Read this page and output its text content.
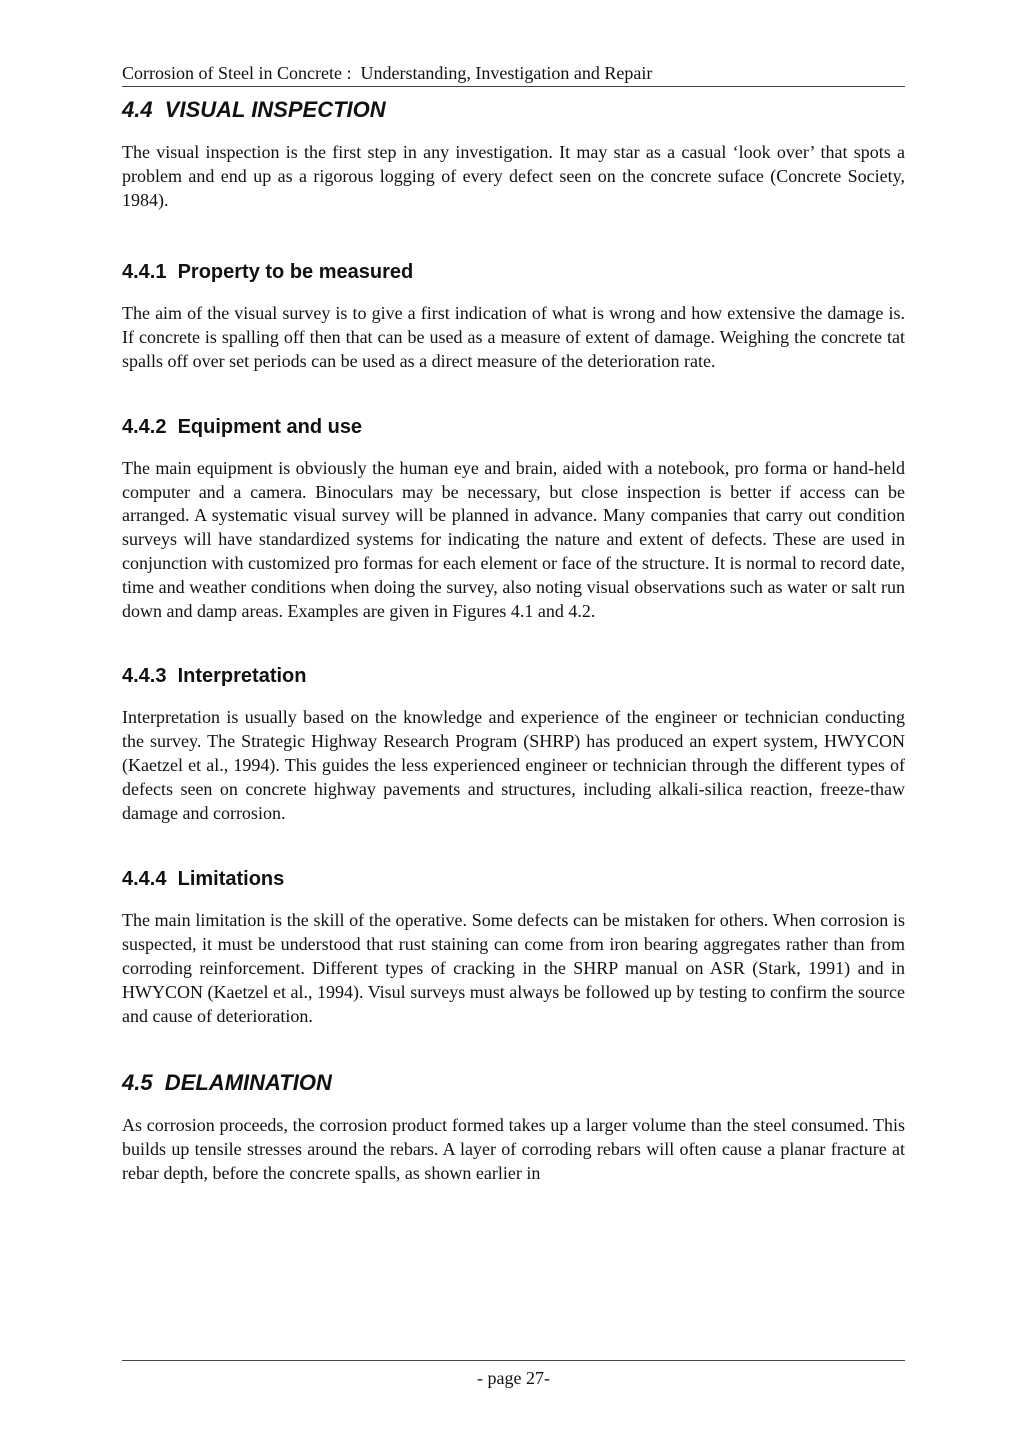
Corrosion of Steel in Concrete :  Understanding, Investigation and Repair
4.4  VISUAL INSPECTION

The visual inspection is the first step in any investigation. It may star as a casual ‘look over’ that spots a problem and end up as a rigorous logging of every defect seen on the concrete suface (Concrete Society, 1984).

4.4.1  Property to be measured

The aim of the visual survey is to give a first indication of what is wrong and how extensive the damage is. If concrete is spalling off then that can be used as a measure of extent of damage. Weighing the concrete tat spalls off over set periods can be used as a direct measure of the deterioration rate.

4.4.2  Equipment and use

The main equipment is obviously the human eye and brain, aided with a notebook, pro forma or hand-held computer and a camera. Binoculars may be necessary, but close inspection is better if access can be arranged. A systematic visual survey will be planned in advance. Many companies that carry out condition surveys will have standardized systems for indicating the nature and extent of defects. These are used in conjunction with customized pro formas for each element or face of the structure. It is normal to record date, time and weather conditions when doing the survey, also noting visual observations such as water or salt run down and damp areas. Examples are given in Figures 4.1 and 4.2.

4.4.3  Interpretation

Interpretation is usually based on the knowledge and experience of the engineer or technician conducting the survey. The Strategic Highway Research Program (SHRP) has produced an expert system, HWYCON (Kaetzel et al., 1994). This guides the less experienced engineer or technician through the different types of defects seen on concrete highway pavements and structures, including alkali-silica reaction, freeze-thaw damage and corrosion.

4.4.4  Limitations

The main limitation is the skill of the operative. Some defects can be mistaken for others. When corrosion is suspected, it must be understood that rust staining can come from iron bearing aggregates rather than from corroding reinforcement. Different types of cracking in the SHRP manual on ASR (Stark, 1991) and in HWYCON (Kaetzel et al., 1994). Visul surveys must always be followed up by testing to confirm the source and cause of deterioration.

4.5  DELAMINATION

As corrosion proceeds, the corrosion product formed takes up a larger volume than the steel consumed. This builds up tensile stresses around the rebars. A layer of corroding rebars will often cause a planar fracture at rebar depth, before the concrete spalls, as shown earlier in

- page 27-
